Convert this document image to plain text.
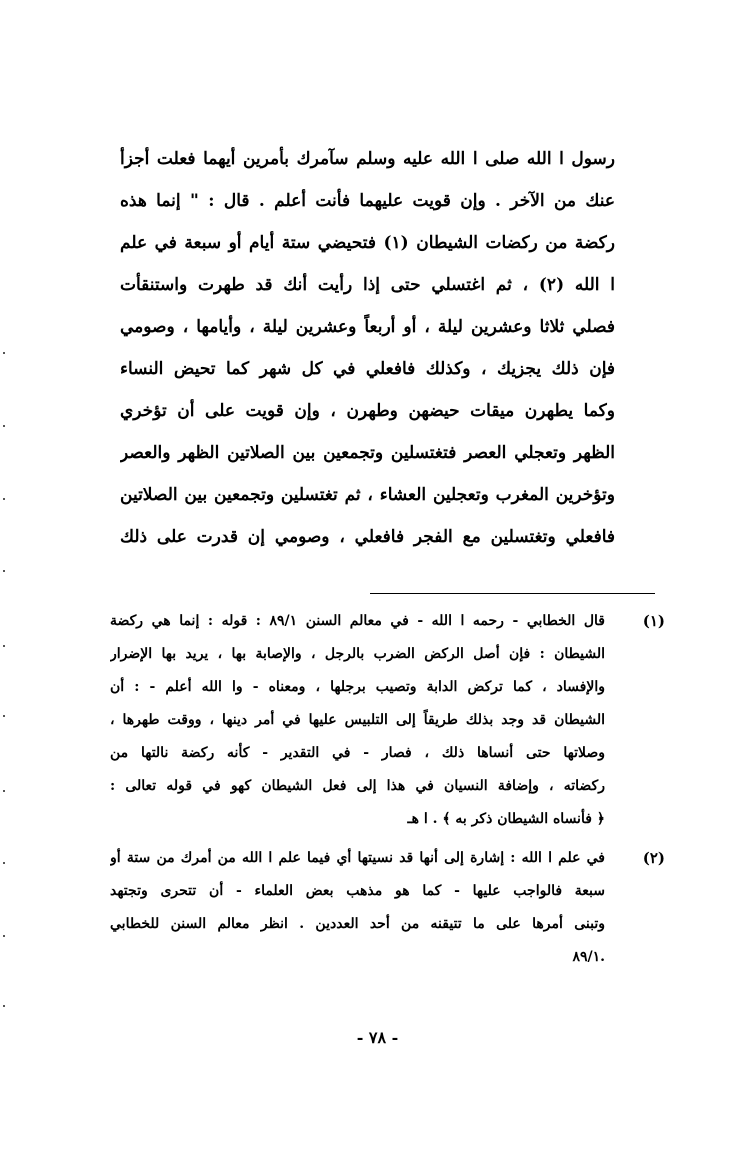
رسول ا الله صلى ا الله عليه وسلم سآمرك بأمرين أيهما فعلت أجزأ
عنك من الآخر . وإن قويت عليهما فأنت أعلم . قال : " إنما هذه
ركضة من ركضات الشيطان (١) فتحيضي ستة أيام أو سبعة في علم
ا الله (٢) ، ثم اغتسلي حتى إذا رأيت أنك قد طهرت واستنقأت
فصلي ثلاثا وعشرين ليلة ، أو أربعاً وعشرين ليلة ، وأيامها ، وصومي
فإن ذلك يجزيك ، وكذلك فافعلي في كل شهر كما تحيض النساء
وكما يطهرن ميقات حيضهن وطهرن ، وإن قويت على أن تؤخري
الظهر وتعجلي العصر فتغتسلين وتجمعين بين الصلاتين الظهر والعصر
وتؤخرين المغرب وتعجلين العشاء ، ثم تغتسلين وتجمعين بين الصلاتين
فافعلي وتغتسلين مع الفجر فافعلي ، وصومي إن قدرت على ذلك
(١)
قال الخطابي - رحمه ا الله - في معالم السنن ٨٩/١ : قوله : إنما هي ركضة
الشيطان : فإن أصل الركض الضرب بالرجل ، والإصابة بها ، يريد بها الإضرار
والإفساد ، كما تركض الدابة وتصيب برجلها ، ومعناه - وا الله أعلم - : أن
الشيطان قد وجد بذلك طريقاً إلى التلبيس عليها في أمر دينها ، ووقت طهرها ،
وصلاتها حتى أنساها ذلك ، فصار - في التقدير - كأنه ركضة نالتها من
ركضاته ، وإضافة النسيان في هذا إلى فعل الشيطان كهو في قوله تعالى :
﴿ فأنساه الشيطان ذكر به ﴾ . ا هـ
(٢)
في علم ا الله : إشارة إلى أنها قد نسيتها أي فيما علم ا الله من أمرك من ستة أو
سبعة فالواجب عليها - كما هو مذهب بعض العلماء - أن تتحرى وتجتهد
وتبنى أمرها على ما تتيقنه من أحد العددين . انظر معالم السنن للخطابي
.٨٩/١
- ٧٨ -
